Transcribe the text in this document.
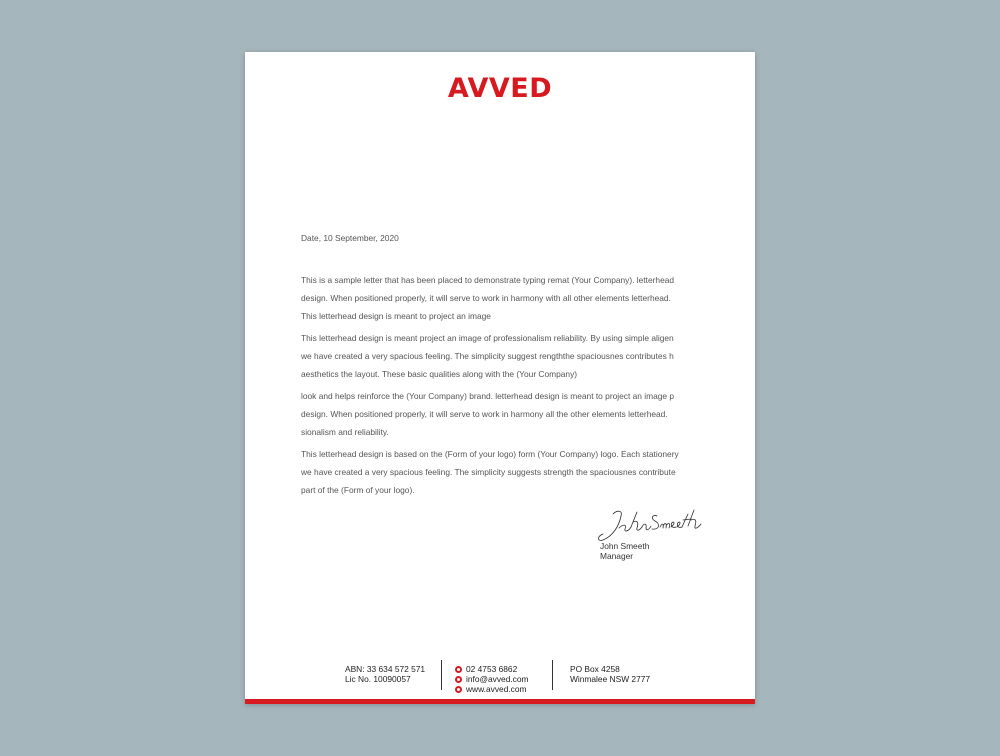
AVVED
Date, 10 September, 2020
This is a sample letter that has been placed to demonstrate typing remat (Your Company). letterhead
design. When positioned properly, it will serve to work in harmony with all other elements letterhead.
This letterhead design is meant to project an image
This letterhead design is meant project an image of professionalism reliability. By using simple aligen
we have created a very spacious feeling. The simplicity suggest rengththe spaciousnes contributes h
aesthetics the layout. These basic qualities along with the (Your Company)
look and helps reinforce the (Your Company) brand. letterhead design is meant to project an image p
design. When positioned properly, it will serve to work in harmony all the other elements letterhead.
sionalism and reliability.
This letterhead design is based on the (Form of your logo) form (Your Company) logo. Each stationery
we have created a very spacious feeling. The simplicity suggests strength the spaciousnes contribute
part of the (Form of your logo).
John Smeeth
Manager
ABN: 33 634 572 571
Lic No. 10090057
02 4753 6862
info@avved.com
www.avved.com
PO Box 4258
Winmalee NSW 2777
